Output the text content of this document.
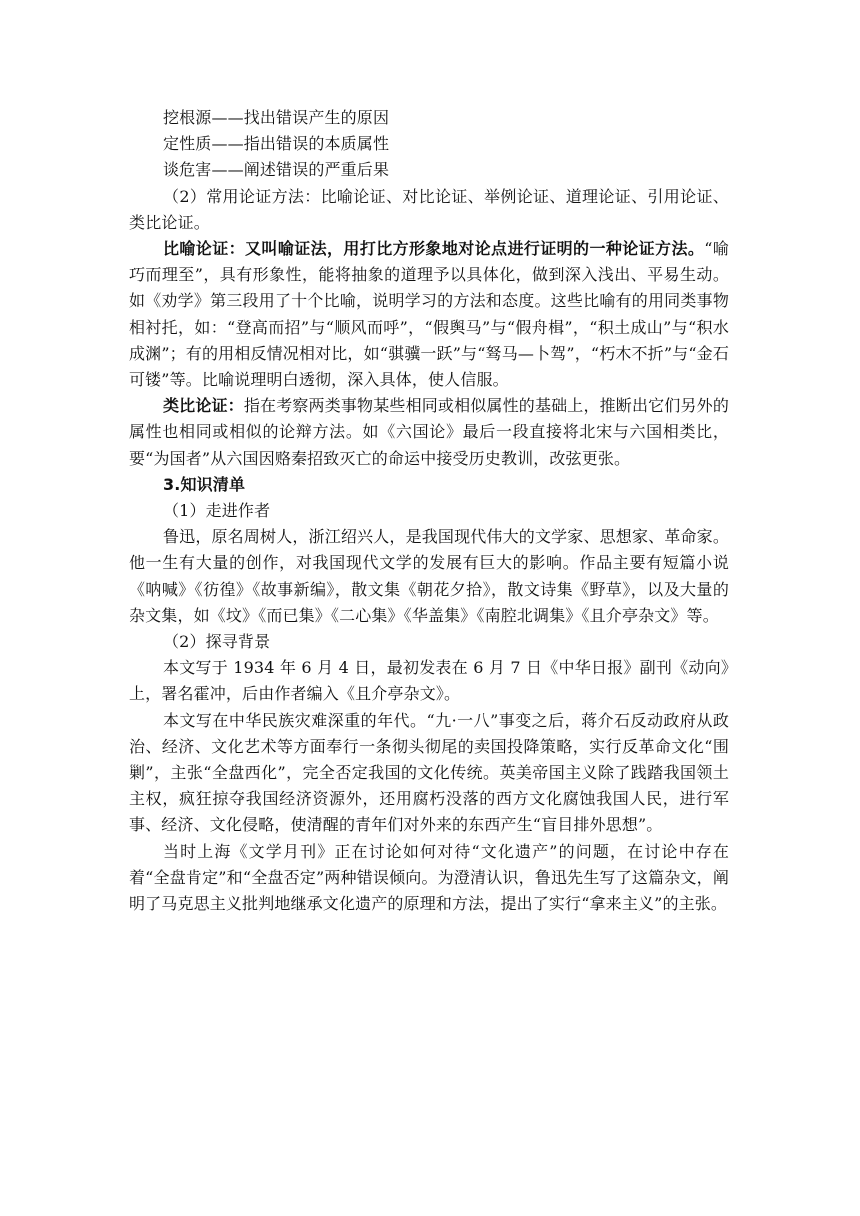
挖根源——找出错误产生的原因

定性质——指出错误的本质属性

谈危害——阐述错误的严重后果

（2）常用论证方法：比喻论证、对比论证、举例论证、道理论证、引用论证、类比论证。

比喻论证：又叫喻证法，用打比方形象地对论点进行证明的一种论证方法。“喻巧而理至”，具有形象性，能将抽象的道理予以具体化，做到深入浅出、平易生动。如《劝学》第三段用了十个比喻，说明学习的方法和态度。这些比喻有的用同类事物相衬托，如：“登高而招”与“顺风而呼”，“假舆马”与“假舟楫”，“积土成山”与“积水成渊”；有的用相反情况相对比，如“骐骥一跃”与“驽马—卜驾”，“朽木不折”与“金石可镂”等。比喻说理明白透彻，深入具体，使人信服。

类比论证：指在考察两类事物某些相同或相似属性的基础上，推断出它们另外的属性也相同或相似的论辩方法。如《六国论》最后一段直接将北宋与六国相类比，要“为国者”从六国因赂秦招致灭亡的命运中接受历史教训，改弦更张。

3.知识清单

（1）走进作者

鲁迅，原名周树人，浙江绍兴人，是我国现代伟大的文学家、思想家、革命家。他一生有大量的创作，对我国现代文学的发展有巨大的影响。作品主要有短篇小说《呐喊》《彷徨》《故事新编》，散文集《朝花夕拾》，散文诗集《野草》，以及大量的杂文集，如《坟》《而已集》《二心集》《华盖集》《南腔北调集》《且介亭杂文》等。

（2）探寻背景

本文写于 1934 年 6 月 4 日，最初发表在 6 月 7 日《中华日报》副刊《动向》上，署名霍冲，后由作者编入《且介亭杂文》。

本文写在中华民族灾难深重的年代。“九·一八”事变之后，蒋介石反动政府从政治、经济、文化艺术等方面奉行一条彻头彻尾的卖国投降策略，实行反革命文化“围剿”，主张“全盘西化”，完全否定我国的文化传统。英美帝国主义除了践踏我国领土主权，疯狂掠夺我国经济资源外，还用腐朽没落的西方文化腐蚀我国人民，进行军事、经济、文化侵略，使清醒的青年们对外来的东西产生“盲目排外思想”。

当时上海《文学月刊》正在讨论如何对待“文化遗产”的问题，在讨论中存在着“全盘肯定”和“全盘否定”两种错误倾向。为澄清认识，鲁迅先生写了这篇杂文，阐明了马克思主义批判地继承文化遗产的原理和方法，提出了实行“拿来主义”的主张。
